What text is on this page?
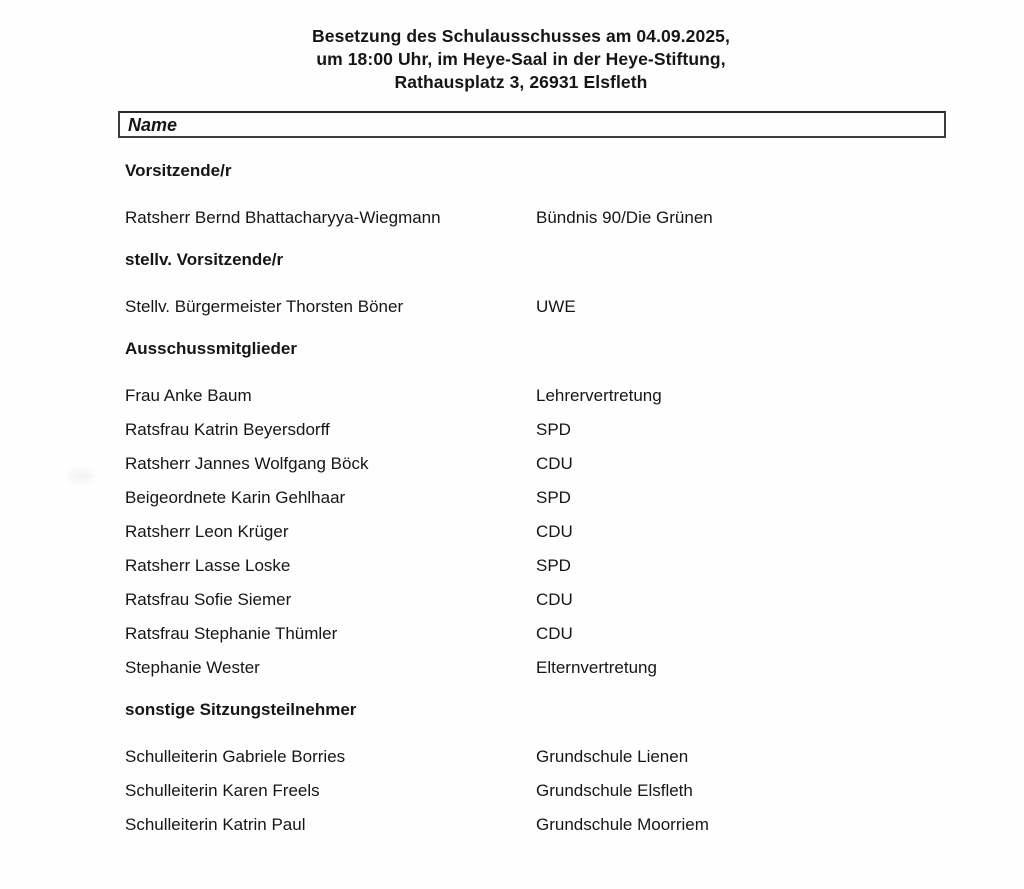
Besetzung des Schulausschusses am 04.09.2025,
um 18:00 Uhr, im Heye-Saal in der Heye-Stiftung,
Rathausplatz 3, 26931 Elsfleth
Name
Vorsitzende/r
Ratsherr Bernd Bhattacharyya-Wiegmann	Bündnis 90/Die Grünen
stellv. Vorsitzende/r
Stellv. Bürgermeister Thorsten Böner	UWE
Ausschussmitglieder
Frau Anke Baum	Lehrervertretung
Ratsfrau Katrin Beyersdorff	SPD
Ratsherr Jannes Wolfgang Böck	CDU
Beigeordnete Karin Gehlhaar	SPD
Ratsherr Leon Krüger	CDU
Ratsherr Lasse Loske	SPD
Ratsfrau Sofie Siemer	CDU
Ratsfrau Stephanie Thümler	CDU
Stephanie Wester	Elternvertretung
sonstige Sitzungsteilnehmer
Schulleiterin Gabriele Borries	Grundschule Lienen
Schulleiterin Karen Freels	Grundschule Elsfleth
Schulleiterin Katrin Paul	Grundschule Moorriem
